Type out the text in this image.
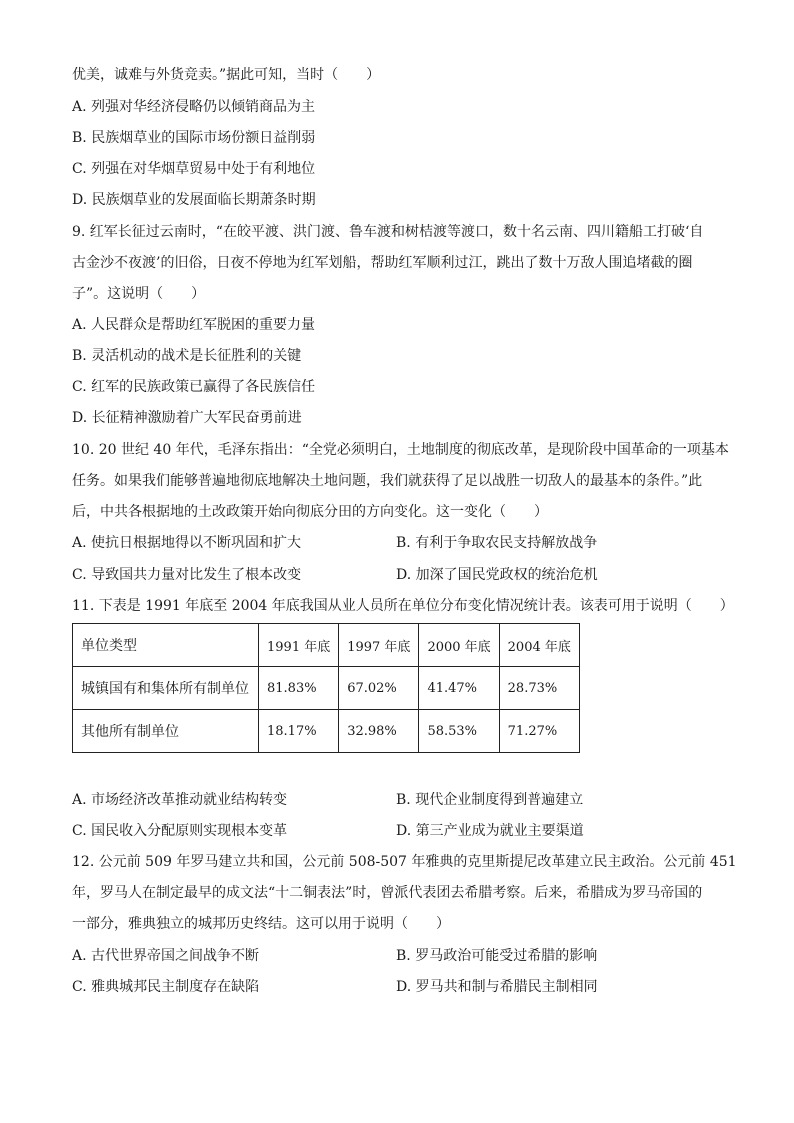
优美，诚难与外货竞卖。”据此可知，当时（　　）
A. 列强对华经济侵略仍以倾销商品为主
B. 民族烟草业的国际市场份额日益削弱
C. 列强在对华烟草贸易中处于有利地位
D. 民族烟草业的发展面临长期萧条时期
9. 红军长征过云南时，“在皎平渡、洪门渡、鲁车渡和树桔渡等渡口，数十名云南、四川籍船工打破‘自
古金沙不夜渡’的旧俗，日夜不停地为红军划船，帮助红军顺利过江，跳出了数十万敌人围追堵截的圈
子”。这说明（　　）
A. 人民群众是帮助红军脱困的重要力量
B. 灵活机动的战术是长征胜利的关键
C. 红军的民族政策已赢得了各民族信任
D. 长征精神激励着广大军民奋勇前进
10. 20 世纪 40 年代，毛泽东指出：“全党必须明白，土地制度的彻底改革，是现阶段中国革命的一项基本
任务。如果我们能够普遍地彻底地解决土地问题，我们就获得了足以战胜一切敌人的最基本的条件。”此
后，中共各根据地的土改政策开始向彻底分田的方向变化。这一变化（　　）
A. 使抗日根据地得以不断巩固和扩大	B. 有利于争取农民支持解放战争
C. 导致国共力量对比发生了根本改变	D. 加深了国民党政权的统治危机
11. 下表是 1991 年底至 2004 年底我国从业人员所在单位分布变化情况统计表。该表可用于说明（　　）
单位类型	1991 年底	1997 年底	2000 年底	2004 年底
城镇国有和集体所有制单位	81.83%	67.02%	41.47%	28.73%
其他所有制单位	18.17%	32.98%	58.53%	71.27%
A. 市场经济改革推动就业结构转变	B. 现代企业制度得到普遍建立
C. 国民收入分配原则实现根本变革	D. 第三产业成为就业主要渠道
12. 公元前 509 年罗马建立共和国，公元前 508-507 年雅典的克里斯提尼改革建立民主政治。公元前 451
年，罗马人在制定最早的成文法“十二铜表法”时，曾派代表团去希腊考察。后来，希腊成为罗马帝国的
一部分，雅典独立的城邦历史终结。这可以用于说明（　　）
A. 古代世界帝国之间战争不断	B. 罗马政治可能受过希腊的影响
C. 雅典城邦民主制度存在缺陷	D. 罗马共和制与希腊民主制相同
